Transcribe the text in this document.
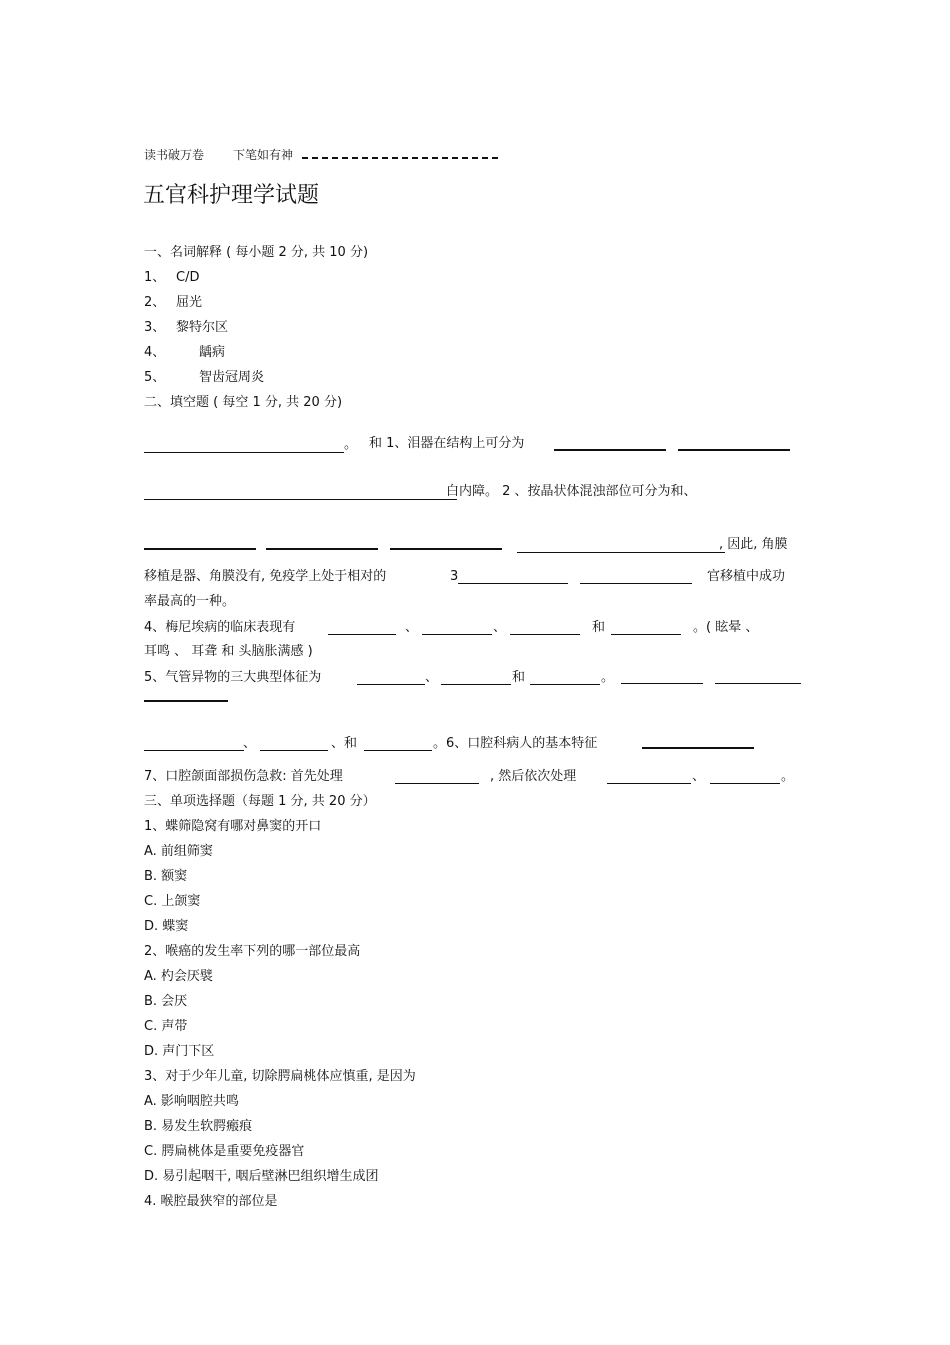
读书破万卷 下笔如有神
五官科护理学试题
一、名词解释 ( 每小题 2 分, 共 10 分)
1、 C/D
2、 屈光
3、 黎特尔区
4、	龋病
5、	智齿冠周炎
二、填空题 ( 每空 1 分, 共 20 分)
。 和 1、泪器在结构上可分为
白内障。 2 、按晶状体混浊部位可分为和、
, 因此, 角膜
移植是器、角膜没有, 免疫学上处于相对的	3	官移植中成功
率最高的一种。
4、梅尼埃病的临床表现有	、	、	和	。( 眩晕 、
耳鸣 、 耳聋 和 头脑胀满感 )
5、气管异物的三大典型体征为	、	和	。
、	、和	。6、口腔科病人的基本特征
7、口腔颌面部损伤急救: 首先处理	, 然后依次处理	、	。
三、单项选择题（每题 1 分, 共 20 分）
1、蝶筛隐窝有哪对鼻窦的开口
A. 前组筛窦
B. 额窦
C. 上颌窦
D. 蝶窦
2、喉癌的发生率下列的哪一部位最高
A. 杓会厌襞
B. 会厌
C. 声带
D. 声门下区
3、对于少年儿童, 切除腭扁桃体应慎重, 是因为
A. 影响咽腔共鸣
B. 易发生软腭瘢痕
C. 腭扁桃体是重要免疫器官
D. 易引起咽干, 咽后壁淋巴组织增生成团
4. 喉腔最狭窄的部位是
